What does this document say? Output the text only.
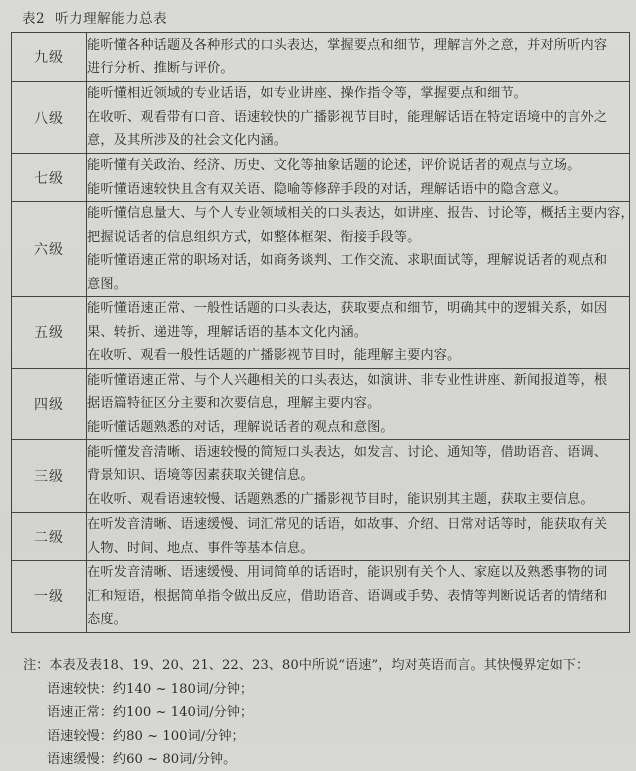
表2 听力理解能力总表
九级	能听懂各种话题及各种形式的口头表达，掌握要点和细节，理解言外之意，并对所听内容
进行分析、推断与评价。

八级	能听懂相近领域的专业话语，如专业讲座、操作指令等，掌握要点和细节。
在收听、观看带有口音、语速较快的广播影视节目时，能理解话语在特定语境中的言外之
意，及其所涉及的社会文化内涵。

七级	能听懂有关政治、经济、历史、文化等抽象话题的论述，评价说话者的观点与立场。
能听懂语速较快且含有双关语、隐喻等修辞手段的对话，理解话语中的隐含意义。

六级	能听懂信息量大、与个人专业领域相关的口头表达，如讲座、报告、讨论等，概括主要内容，
把握说话者的信息组织方式，如整体框架、衔接手段等。
能听懂语速正常的职场对话，如商务谈判、工作交流、求职面试等，理解说话者的观点和
意图。

五级	能听懂语速正常、一般性话题的口头表达，获取要点和细节，明确其中的逻辑关系，如因
果、转折、递进等，理解话语的基本文化内涵。
在收听、观看一般性话题的广播影视节目时，能理解主要内容。

四级	能听懂语速正常、与个人兴趣相关的口头表达，如演讲、非专业性讲座、新闻报道等，根
据语篇特征区分主要和次要信息，理解主要内容。
能听懂话题熟悉的对话，理解说话者的观点和意图。

三级	能听懂发音清晰、语速较慢的简短口头表达，如发言、讨论、通知等，借助语音、语调、
背景知识、语境等因素获取关键信息。
在收听、观看语速较慢、话题熟悉的广播影视节目时，能识别其主题，获取主要信息。

二级	在听发音清晰、语速缓慢、词汇常见的话语，如故事、介绍、日常对话等时，能获取有关
人物、时间、地点、事件等基本信息。

一级	在听发音清晰、语速缓慢、用词简单的话语时，能识别有关个人、家庭以及熟悉事物的词
汇和短语，根据简单指令做出反应，借助语音、语调或手势、表情等判断说话者的情绪和
态度。
注：本表及表18、19、20、21、22、23、80中所说“语速”，均对英语而言。其快慢界定如下：
语速较快：约140 ~ 180词/分钟；
语速正常：约100 ~ 140词/分钟；
语速较慢：约80 ~ 100词/分钟；
语速缓慢：约60 ~ 80词/分钟。
